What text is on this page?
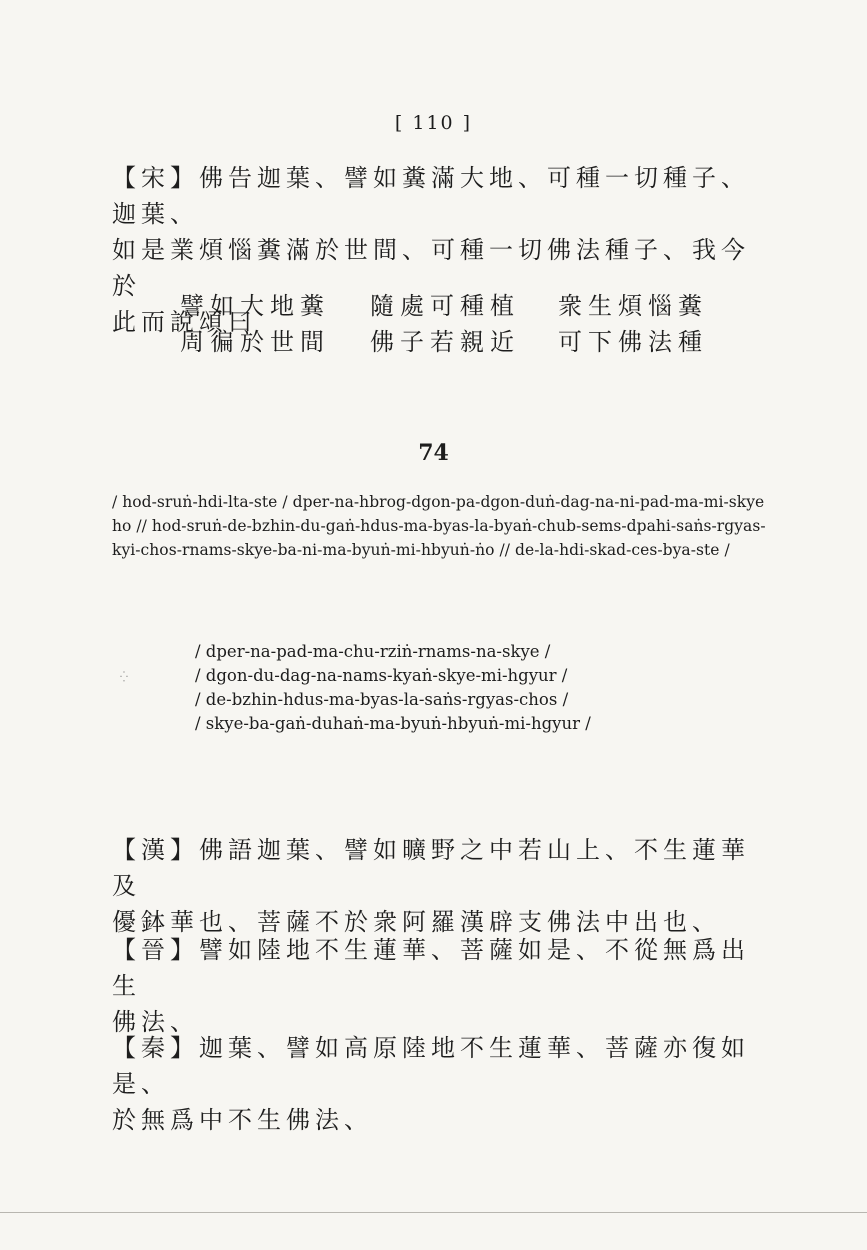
[ 110 ]
【宋】佛告迦葉、譬如糞滿大地、可種一切種子、迦葉、
如是業煩惱糞滿於世間、可種一切佛法種子、我今於
此而說頌曰
譬如大地糞 隨處可種植 衆生煩惱糞
周徧於世間 佛子若親近 可下佛法種
74
/ hod-sruṅ-hdi-lta-ste / dper-na-hbrog-dgon-pa-dgon-duṅ-dag-na-ni-pad-ma-mi-skyeho // hod-sruṅ-de-bzhin-du-gaṅ-hdus-ma-byas-la-byaṅ-chub-sems-dpahi-saṅs-rgyas-kyi-chos-rnams-skye-ba-ni-ma-byuṅ-mi-hbyuṅ-ṅo // de-la-hdi-skad-ces-bya-ste /
/ dper-na-pad-ma-chu-rziṅ-rnams-na-skye /
/ dgon-du-dag-na-nams-kyaṅ-skye-mi-hgyur /
/ de-bzhin-hdus-ma-byas-la-saṅs-rgyas-chos /
/ skye-ba-gaṅ-duhaṅ-ma-byuṅ-hbyuṅ-mi-hgyur /
【漢】佛語迦葉、譬如曠野之中若山上、不生蓮華及
優鉢華也、菩薩不於衆阿羅漢辟支佛法中出也、
【晉】譬如陸地不生蓮華、菩薩如是、不從無爲出生
佛法、
【秦】迦葉、譬如高原陸地不生蓮華、菩薩亦復如是、
於無爲中不生佛法、
⁛
